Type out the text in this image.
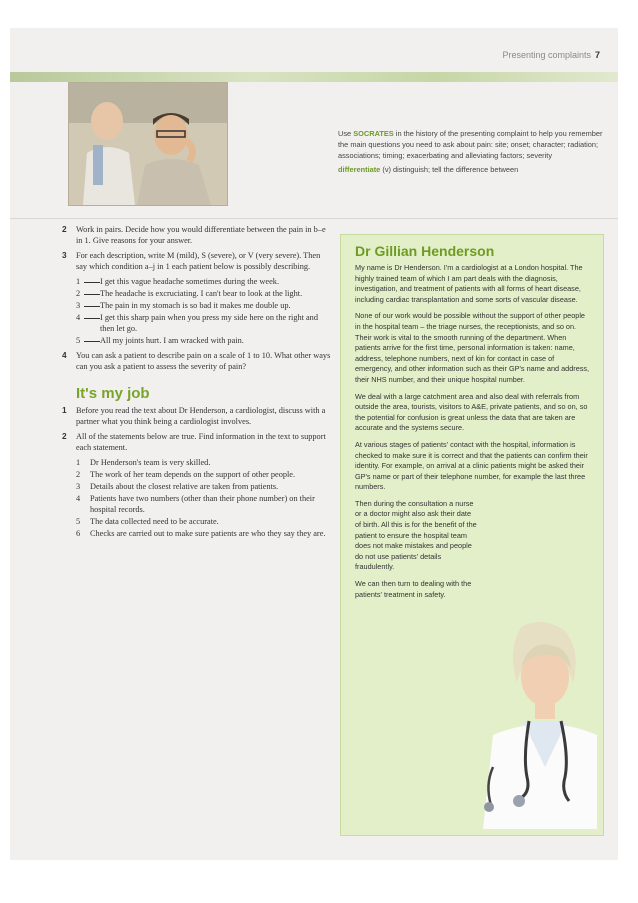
Presenting complaints 7

Use SOCRATES in the history of the presenting complaint to help you remember the main questions you need to ask about pain: site; onset; character; radiation; associations; timing; exacerbating and alleviating factors; severity

differentiate (v) distinguish; tell the difference between

2 Work in pairs. Decide how you would differentiate between the pain in b–e in 1. Give reasons for your answer.
3 For each description, write M (mild), S (severe), or V (very severe). Then say which condition a–j in 1 each patient below is possibly describing.
1 I get this vague headache sometimes during the week.
2 The headache is excruciating. I can't bear to look at the light.
3 The pain in my stomach is so bad it makes me double up.
4 I get this sharp pain when you press my side here on the right and then let go.
5 All my joints hurt. I am wracked with pain.
4 You can ask a patient to describe pain on a scale of 1 to 10. What other ways can you ask a patient to assess the severity of pain?
It's my job
1 Before you read the text about Dr Henderson, a cardiologist, discuss with a partner what you think being a cardiologist involves.
2 All of the statements below are true. Find information in the text to support each statement.
1 Dr Henderson's team is very skilled.
2 The work of her team depends on the support of other people.
3 Details about the closest relative are taken from patients.
4 Patients have two numbers (other than their phone number) on their hospital records.
5 The data collected need to be accurate.
6 Checks are carried out to make sure patients are who they say they are.
Dr Gillian Henderson

My name is Dr Henderson. I'm a cardiologist at a London hospital. The highly trained team of which I am part deals with the diagnosis, investigation, and treatment of patients with all forms of heart disease, including cardiac transplantation and some sorts of vascular disease.

None of our work would be possible without the support of other people in the hospital team – the triage nurses, the receptionists, and so on. Their work is vital to the smooth running of the department. When patients arrive for the first time, personal information is taken: name, address, telephone numbers, next of kin for contact in case of emergency, and other information such as their GP's name and address, their NHS number, and their unique hospital number.

We deal with a large catchment area and also deal with referrals from outside the area, tourists, visitors to A&E, private patients, and so on, so the potential for confusion is great unless the data that are taken are accurate and the systems secure.

At various stages of patients' contact with the hospital, information is checked to make sure it is correct and that the patients can confirm their identity. For example, on arrival at a clinic patients might be asked their GP's name or part of their telephone number, for example the last three numbers.

Then during the consultation a nurse or a doctor might also ask their date of birth. All this is for the benefit of the patient to ensure the hospital team does not make mistakes and people do not use patients' details fraudulently.

We can then turn to dealing with the patients' treatment in safety.
